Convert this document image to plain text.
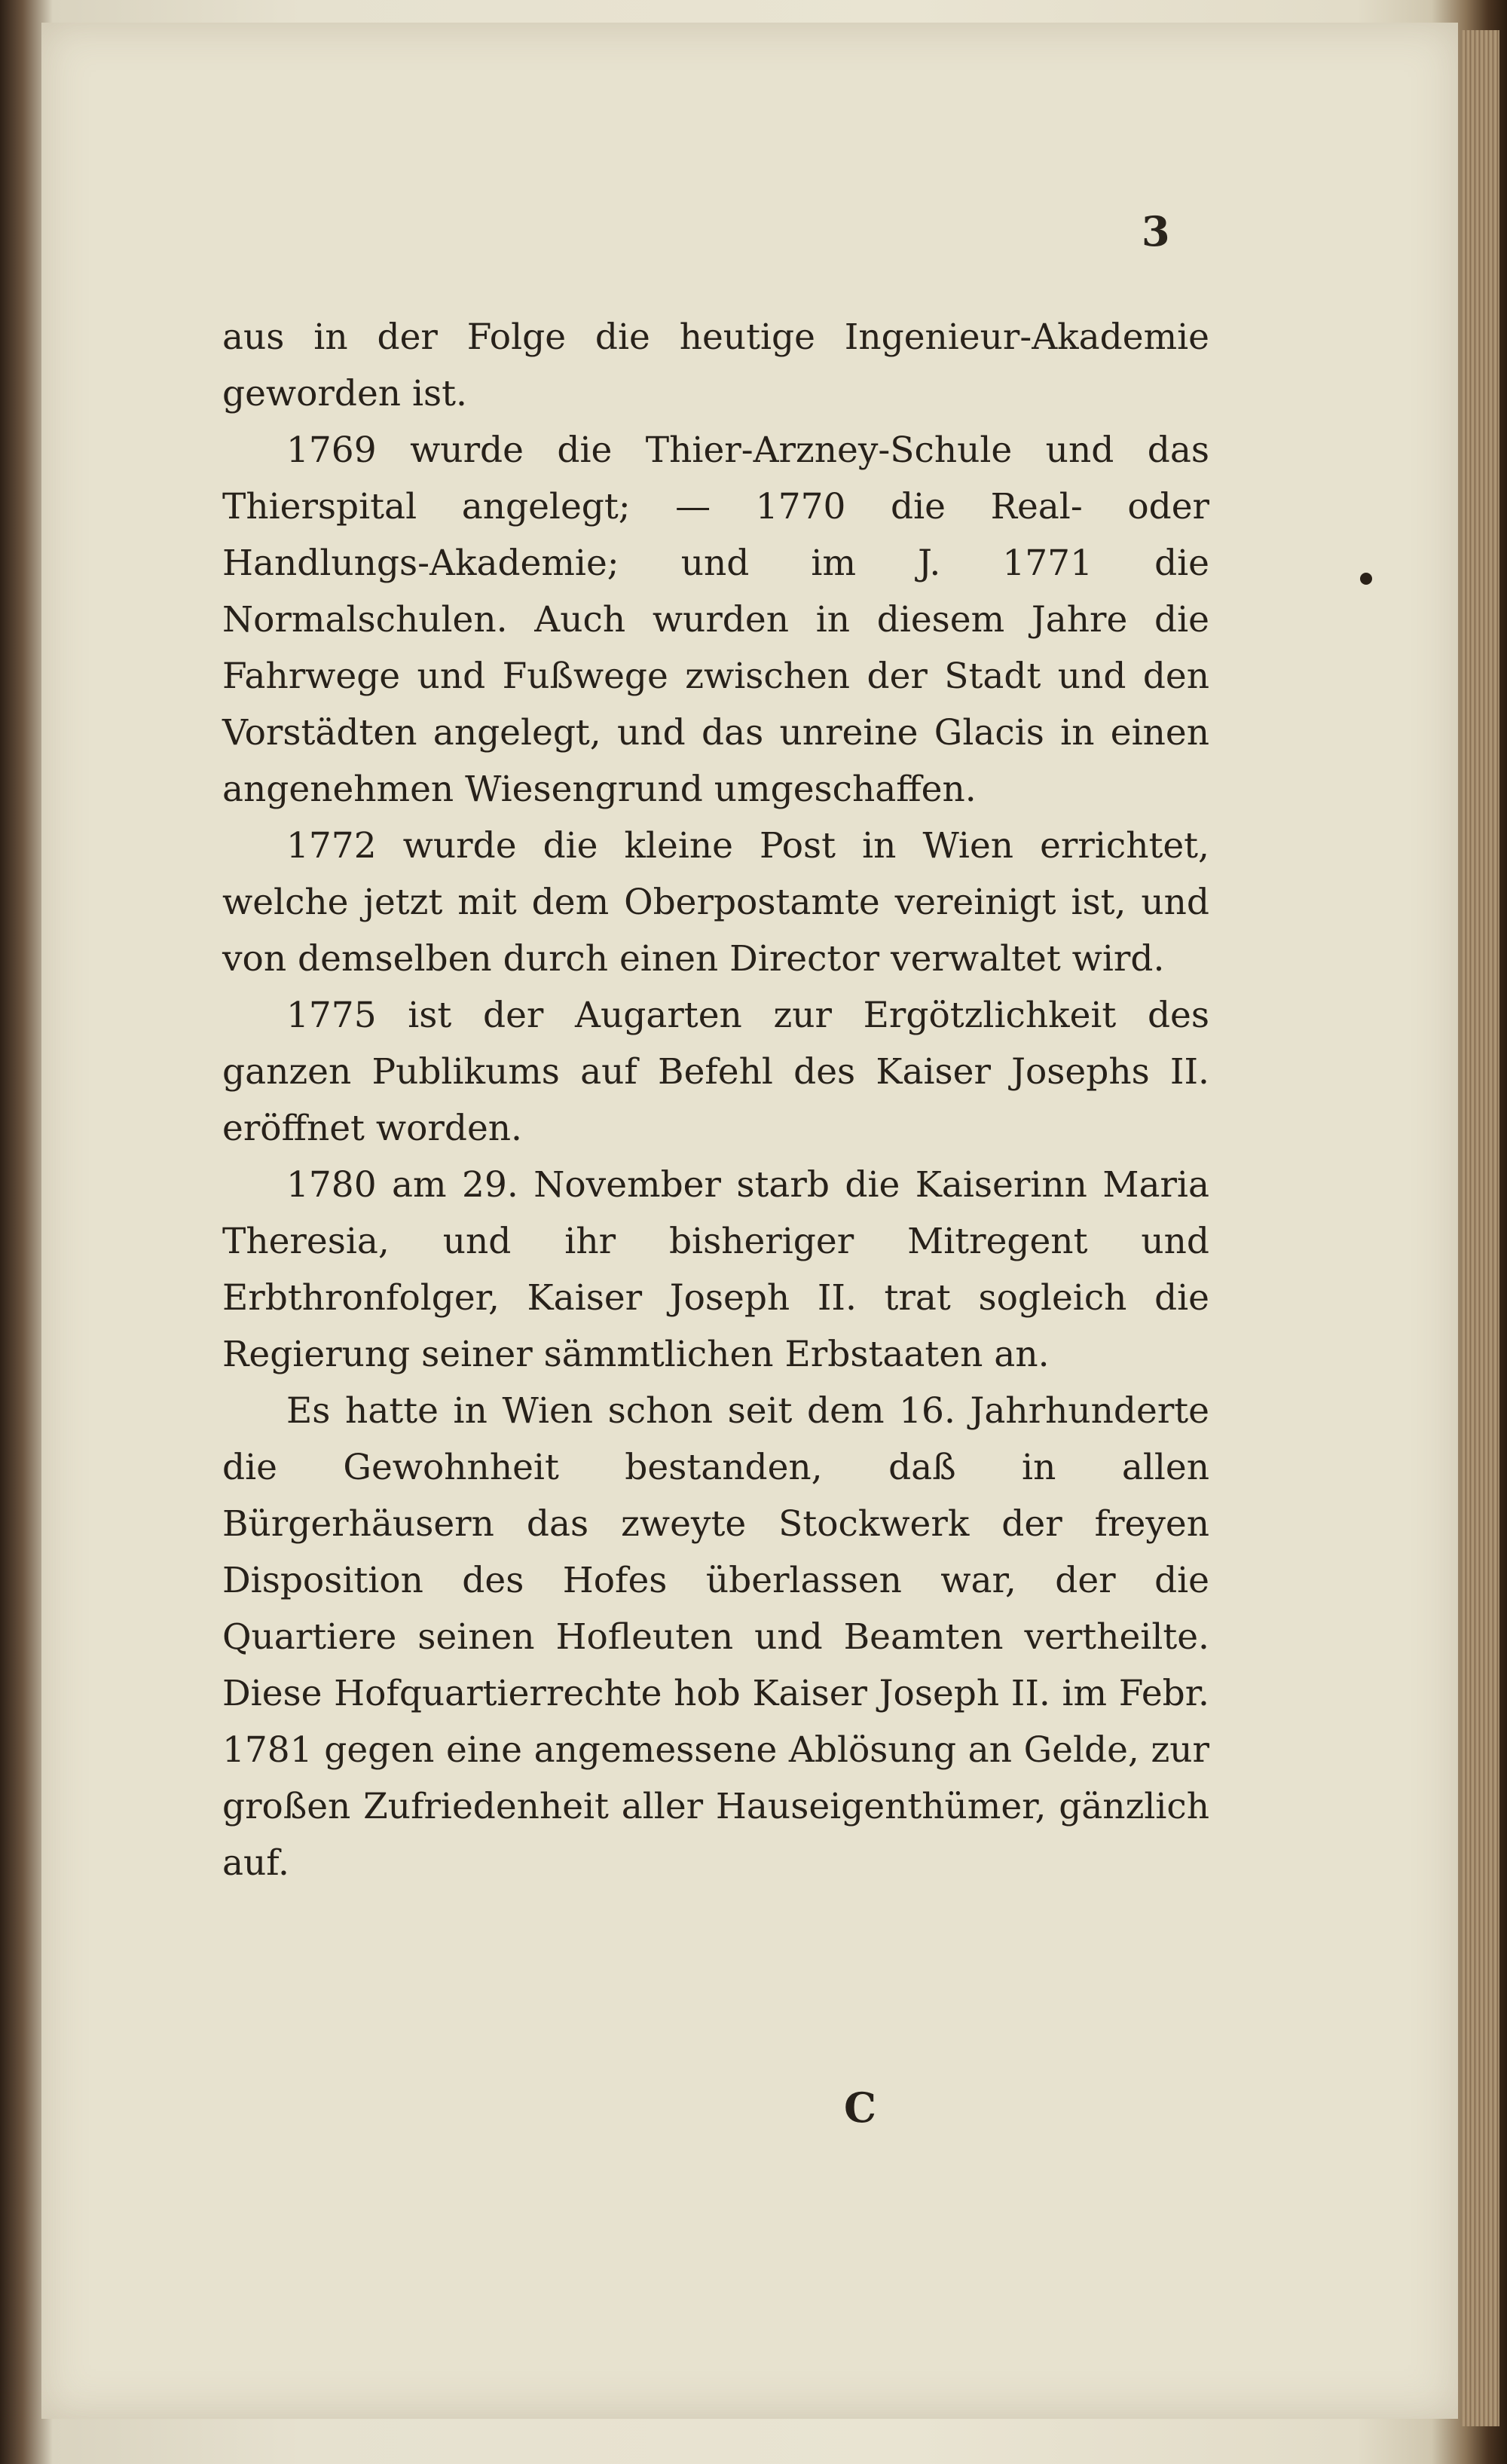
3

aus in der Folge die heutige Ingenieur-Akademie geworden ist.

1769 wurde die Thier-Arzney-Schule und das Thierspital angelegt; — 1770 die Real- oder Handlungs-Akademie; und im J. 1771 die Normalschulen. Auch wurden in diesem Jahre die Fahrwege und Fußwege zwischen der Stadt und den Vorstädten angelegt, und das unreine Glacis in einen angenehmen Wiesengrund umgeschaffen.

1772 wurde die kleine Post in Wien errichtet, welche jetzt mit dem Oberpostamte vereinigt ist, und von demselben durch einen Director verwaltet wird.

1775 ist der Augarten zur Ergötzlichkeit des ganzen Publikums auf Befehl des Kaiser Josephs II. eröffnet worden.

1780 am 29. November starb die Kaiserinn Maria Theresia, und ihr bisheriger Mitregent und Erbthronfolger, Kaiser Joseph II. trat sogleich die Regierung seiner sämmtlichen Erbstaaten an.

Es hatte in Wien schon seit dem 16. Jahrhunderte die Gewohnheit bestanden, daß in allen Bürgerhäusern das zweyte Stockwerk der freyen Disposition des Hofes überlassen war, der die Quartiere seinen Hofleuten und Beamten vertheilte. Diese Hofquartierrechte hob Kaiser Joseph II. im Febr. 1781 gegen eine angemessene Ablösung an Gelde, zur großen Zufriedenheit aller Hauseigenthümer, gänzlich auf.

C
